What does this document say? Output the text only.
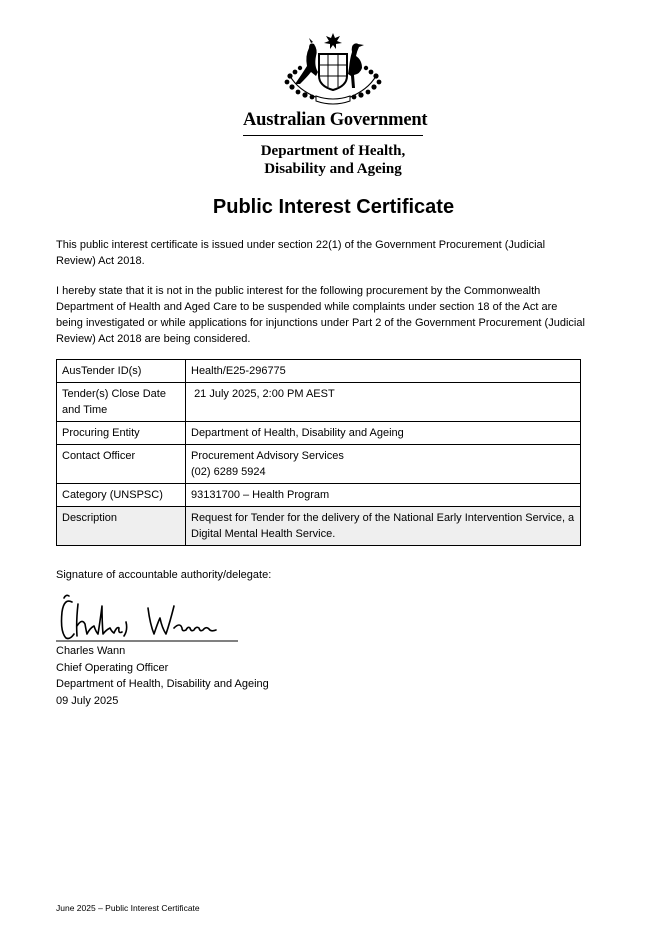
Australian Government
Department of Health,
Disability and Ageing
Public Interest Certificate

This public interest certificate is issued under section 22(1) of the Government Procurement (Judicial Review) Act 2018.

I hereby state that it is not in the public interest for the following procurement by the Commonwealth Department of Health and Aged Care to be suspended while complaints under section 18 of the Act are being investigated or while applications for injunctions under Part 2 of the Government Procurement (Judicial Review) Act 2018 are being considered.

AusTender ID(s)	Health/E25-296775
Tender(s) Close Date and Time	21 July 2025, 2:00 PM AEST
Procuring Entity	Department of Health, Disability and Ageing
Contact Officer	Procurement Advisory Services
(02) 6289 5924

Category (UNSPSC)	93131700 – Health Program
Description	Request for Tender for the delivery of the National Early Intervention Service, a Digital Mental Health Service.
Signature of accountable authority/delegate:
Charles Wann
Chief Operating Officer
Department of Health, Disability and Ageing
09 July 2025
June 2025 – Public Interest Certificate
